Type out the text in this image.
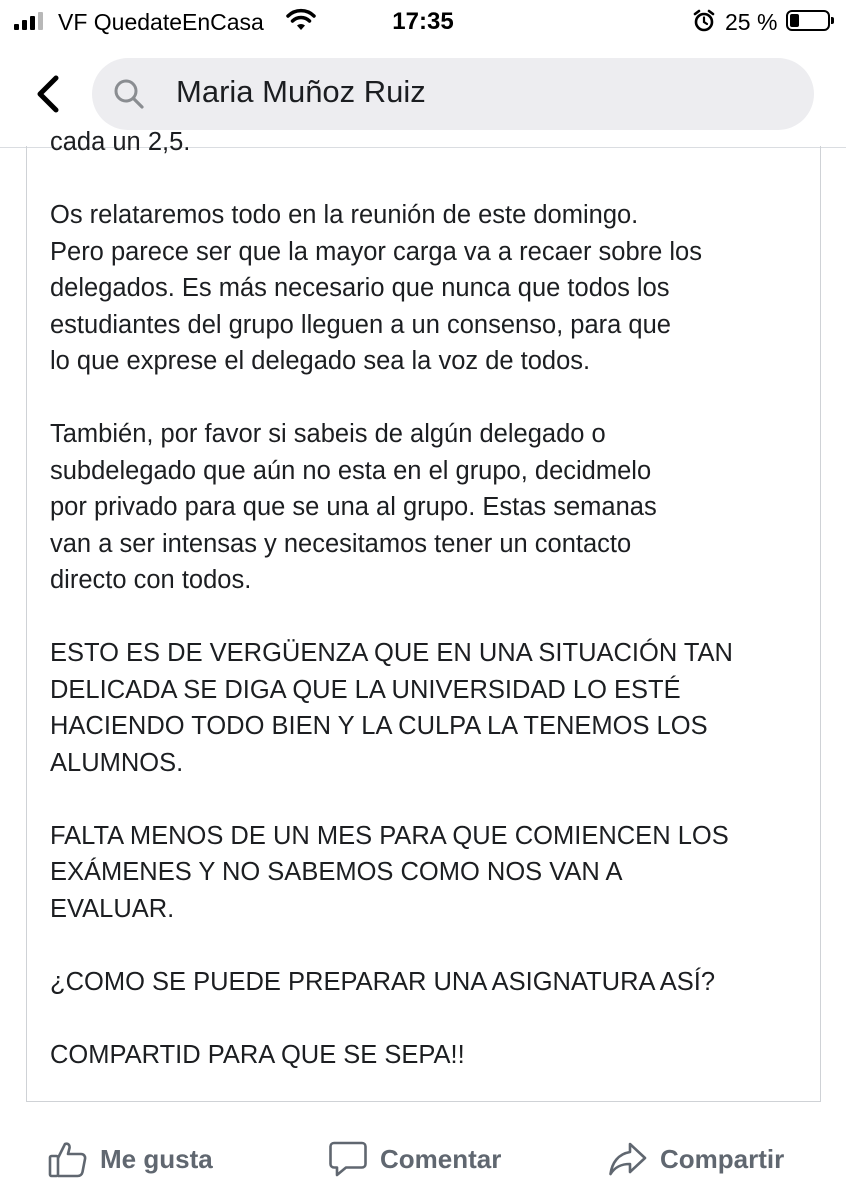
VF QuedateEnCasa	17:35	25 %
Maria Muñoz Ruiz

cada un 2,5.

Os relataremos todo en la reunión de este domingo.
Pero parece ser que la mayor carga va a recaer sobre los
delegados. Es más necesario que nunca que todos los
estudiantes del grupo lleguen a un consenso, para que
lo que exprese el delegado sea la voz de todos.

También, por favor si sabeis de algún delegado o
subdelegado que aún no esta en el grupo, decidmelo
por privado para que se una al grupo. Estas semanas
van a ser intensas y necesitamos tener un contacto
directo con todos.

ESTO ES DE VERGÜENZA QUE EN UNA SITUACIÓN TAN
DELICADA SE DIGA QUE LA UNIVERSIDAD LO ESTÉ
HACIENDO TODO BIEN Y LA CULPA LA TENEMOS LOS
ALUMNOS.

FALTA MENOS DE UN MES PARA QUE COMIENCEN LOS
EXÁMENES Y NO SABEMOS COMO NOS VAN A
EVALUAR.

¿COMO SE PUEDE PREPARAR UNA ASIGNATURA ASÍ?

COMPARTID PARA QUE SE SEPA!!

Me gusta	Comentar	Compartir
